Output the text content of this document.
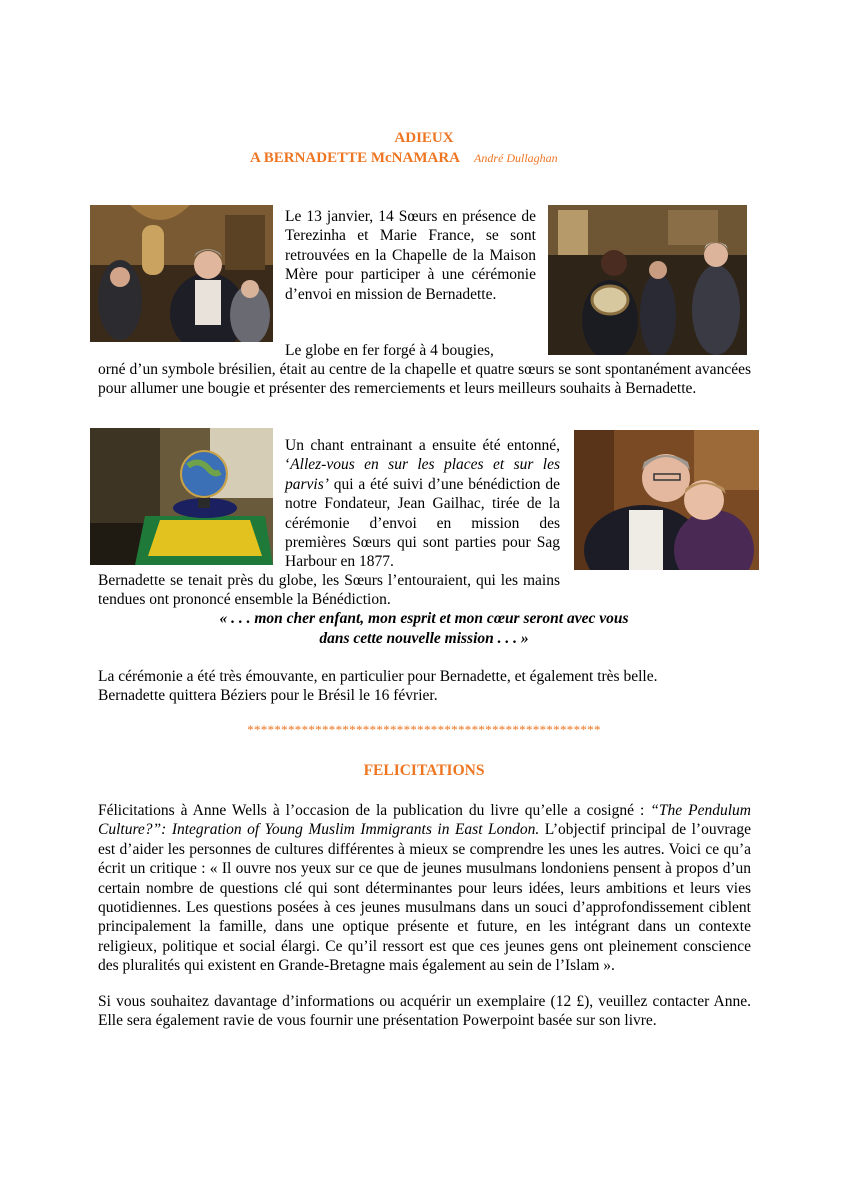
ADIEUX
A BERNADETTE McNAMARA André Dullaghan
Le 13 janvier, 14 Sœurs en présence de Terezinha et Marie France, se sont retrouvées en la Chapelle de la Maison Mère pour participer à une cérémonie d’envoi en mission de Bernadette.
Le globe en fer forgé à 4 bougies,
orné d’un symbole brésilien, était au centre de la chapelle et quatre sœurs se sont spontanément avancées pour allumer une bougie et présenter des remerciements et leurs meilleurs souhaits à Bernadette.
Un chant entrainant a ensuite été entonné, ‘Allez-vous en sur les places et sur les parvis’ qui a été suivi d’une bénédiction de notre Fondateur, Jean Gailhac, tirée de la cérémonie d’envoi en mission des premières Sœurs qui sont parties pour Sag Harbour en 1877.
Bernadette se tenait près du globe, les Sœurs l’entouraient, qui les mains tendues ont prononcé ensemble la Bénédiction.
« . . . mon cher enfant, mon esprit et mon cœur seront avec vous
dans cette nouvelle mission . . . »
La cérémonie a été très émouvante, en particulier pour Bernadette, et également très belle.
Bernadette quittera Béziers pour le Brésil le 16 février.
****************************************************
FELICITATIONS
Félicitations à Anne Wells à l’occasion de la publication du livre qu’elle a cosigné : “The Pendulum Culture?”: Integration of Young Muslim Immigrants in East London. L’objectif principal de l’ouvrage est d’aider les personnes de cultures différentes à mieux se comprendre les unes les autres. Voici ce qu’a écrit un critique : « Il ouvre nos yeux sur ce que de jeunes musulmans londoniens pensent à propos d’un certain nombre de questions clé qui sont déterminantes pour leurs idées, leurs ambitions et leurs vies quotidiennes. Les questions posées à ces jeunes musulmans dans un souci d’approfondissement ciblent principalement la famille, dans une optique présente et future, en les intégrant dans un contexte religieux, politique et social élargi. Ce qu’il ressort est que ces jeunes gens ont pleinement conscience des pluralités qui existent en Grande-Bretagne mais également au sein de l’Islam ».
Si vous souhaitez davantage d’informations ou acquérir un exemplaire (12 £), veuillez contacter Anne. Elle sera également ravie de vous fournir une présentation Powerpoint basée sur son livre.
